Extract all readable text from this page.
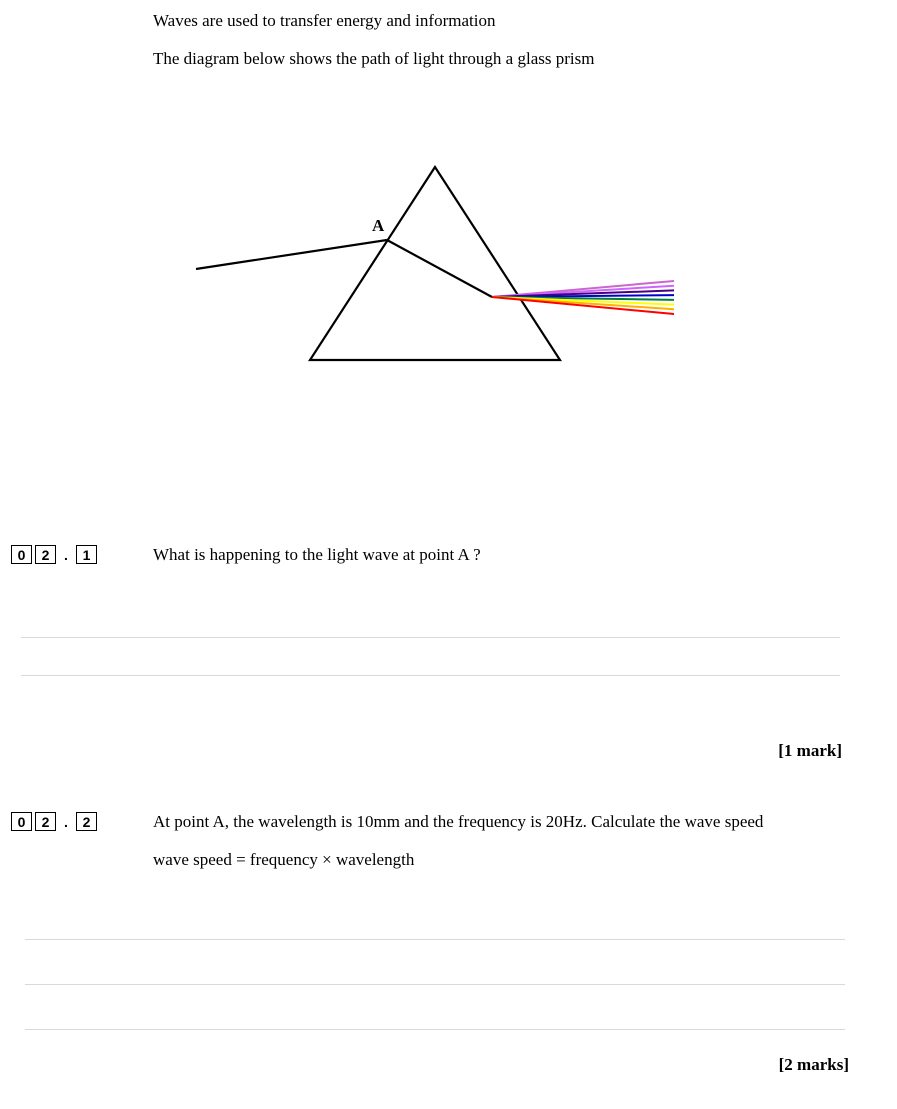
Waves are used to transfer energy and information
The diagram below shows the path of light through a glass prism
A
0	2	.	1	What is happening to the light wave at point A ?
[1 mark]
0	2	.	2	At point A, the wavelength is 10mm and the frequency is 20Hz. Calculate the wave speed
wave speed = frequency × wavelength
[2 marks]
